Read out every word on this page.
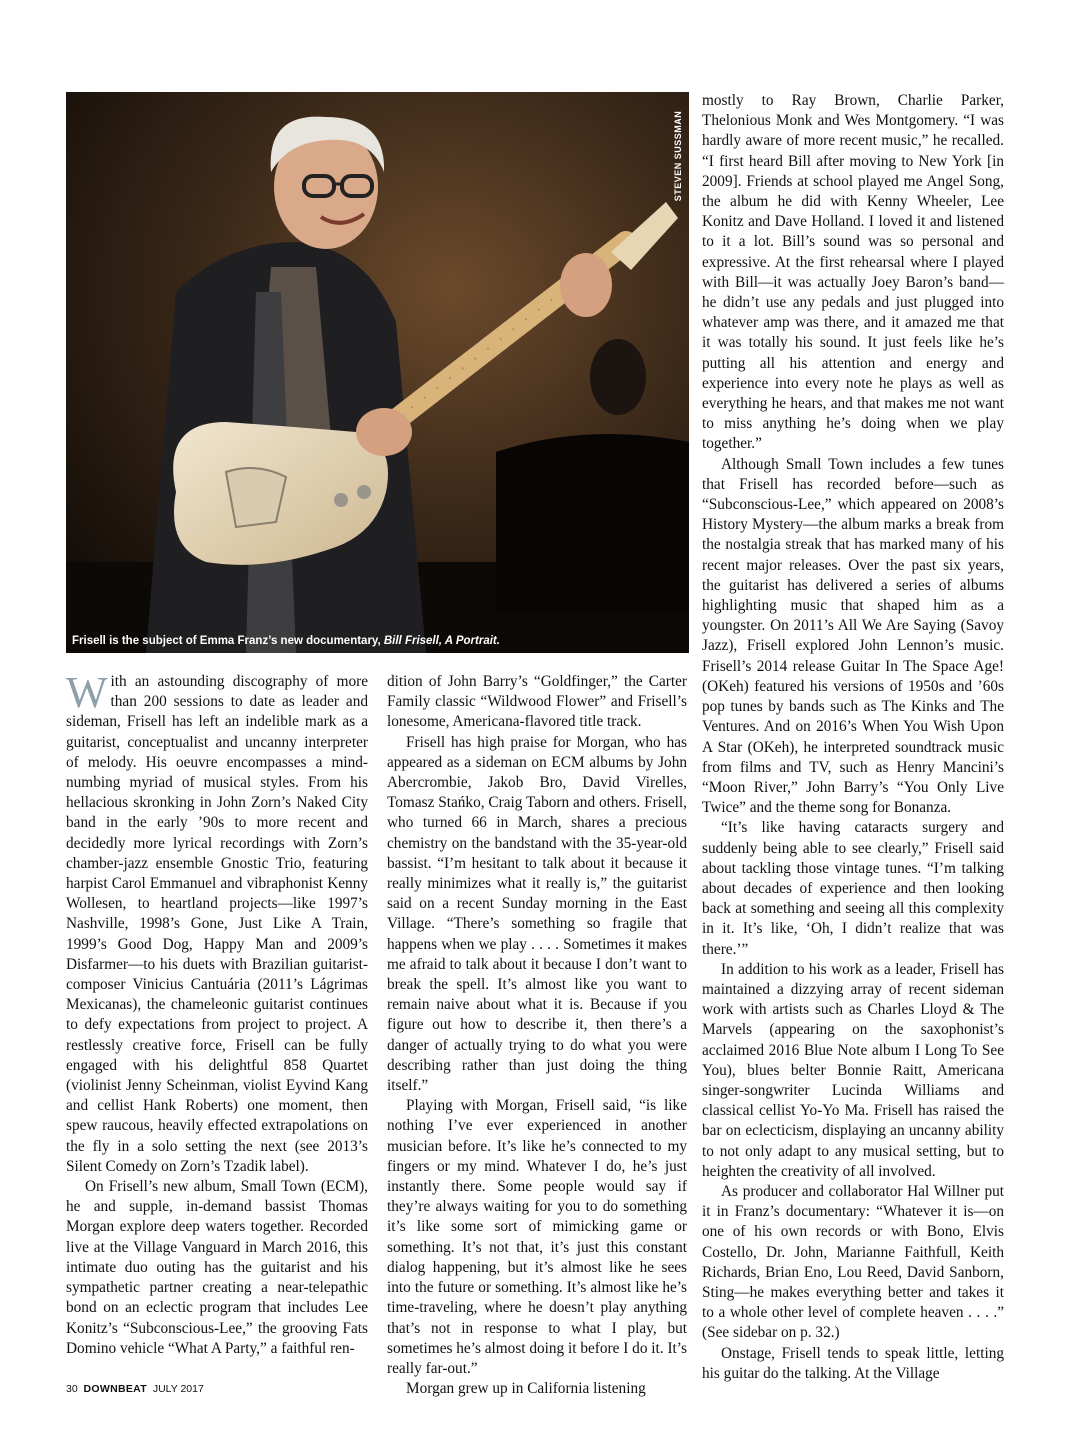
STEVEN SUSSMAN
Frisell is the subject of Emma Franz’s new documentary, Bill Frisell, A Portrait.

With an astounding discography of more than 200 sessions to date as leader and sideman, Frisell has left an indelible mark as a guitarist, conceptualist and uncanny interpreter of melody. His oeuvre encompasses a mind-numbing myriad of musical styles. From his hellacious skronking in John Zorn’s Naked City band in the early ’90s to more recent and decidedly more lyrical recordings with Zorn’s chamber-jazz ensemble Gnostic Trio, featuring harpist Carol Emmanuel and vibraphonist Kenny Wollesen, to heartland projects—like 1997’s Nashville, 1998’s Gone, Just Like A Train, 1999’s Good Dog, Happy Man and 2009’s Disfarmer—to his duets with Brazilian guitarist-composer Vinicius Cantuária (2011’s Lágrimas Mexicanas), the chameleonic guitarist continues to defy expectations from project to project. A restlessly creative force, Frisell can be fully engaged with his delightful 858 Quartet (violinist Jenny Scheinman, violist Eyvind Kang and cellist Hank Roberts) one moment, then spew raucous, heavily effected extrapolations on the fly in a solo setting the next (see 2013’s Silent Comedy on Zorn’s Tzadik label).

On Frisell’s new album, Small Town (ECM), he and supple, in-demand bassist Thomas Morgan explore deep waters together. Recorded live at the Village Vanguard in March 2016, this intimate duo outing has the guitarist and his sympathetic partner creating a near-telepathic bond on an eclectic program that includes Lee Konitz’s “Subconscious-Lee,” the grooving Fats Domino vehicle “What A Party,” a faithful ren-

dition of John Barry’s “Goldfinger,” the Carter Family classic “Wildwood Flower” and Frisell’s lonesome, Americana-flavored title track.

Frisell has high praise for Morgan, who has appeared as a sideman on ECM albums by John Abercrombie, Jakob Bro, David Virelles, Tomasz Stańko, Craig Taborn and others. Frisell, who turned 66 in March, shares a precious chemistry on the bandstand with the 35-year-old bassist. “I’m hesitant to talk about it because it really minimizes what it really is,” the guitarist said on a recent Sunday morning in the East Village. “There’s something so fragile that happens when we play . . . . Sometimes it makes me afraid to talk about it because I don’t want to break the spell. It’s almost like you want to remain naive about what it is. Because if you figure out how to describe it, then there’s a danger of actually trying to do what you were describing rather than just doing the thing itself.”

Playing with Morgan, Frisell said, “is like nothing I’ve ever experienced in another musician before. It’s like he’s connected to my fingers or my mind. Whatever I do, he’s just instantly there. Some people would say if they’re always waiting for you to do something it’s like some sort of mimicking game or something. It’s not that, it’s just this constant dialog happening, but it’s almost like he sees into the future or something. It’s almost like he’s time-traveling, where he doesn’t play anything that’s not in response to what I play, but sometimes he’s almost doing it before I do it. It’s really far-out.”

Morgan grew up in California listening

mostly to Ray Brown, Charlie Parker, Thelonious Monk and Wes Montgomery. “I was hardly aware of more recent music,” he recalled. “I first heard Bill after moving to New York [in 2009]. Friends at school played me Angel Song, the album he did with Kenny Wheeler, Lee Konitz and Dave Holland. I loved it and listened to it a lot. Bill’s sound was so personal and expressive. At the first rehearsal where I played with Bill—it was actually Joey Baron’s band—he didn’t use any pedals and just plugged into whatever amp was there, and it amazed me that it was totally his sound. It just feels like he’s putting all his attention and energy and experience into every note he plays as well as everything he hears, and that makes me not want to miss anything he’s doing when we play together.”

Although Small Town includes a few tunes that Frisell has recorded before—such as “Subconscious-Lee,” which appeared on 2008’s History Mystery—the album marks a break from the nostalgia streak that has marked many of his recent major releases. Over the past six years, the guitarist has delivered a series of albums highlighting music that shaped him as a youngster. On 2011’s All We Are Saying (Savoy Jazz), Frisell explored John Lennon’s music. Frisell’s 2014 release Guitar In The Space Age! (OKeh) featured his versions of 1950s and ’60s pop tunes by bands such as The Kinks and The Ventures. And on 2016’s When You Wish Upon A Star (OKeh), he interpreted soundtrack music from films and TV, such as Henry Mancini’s “Moon River,” John Barry’s “You Only Live Twice” and the theme song for Bonanza.

“It’s like having cataracts surgery and suddenly being able to see clearly,” Frisell said about tackling those vintage tunes. “I’m talking about decades of experience and then looking back at something and seeing all this complexity in it. It’s like, ‘Oh, I didn’t realize that was there.’”

In addition to his work as a leader, Frisell has maintained a dizzying array of recent sideman work with artists such as Charles Lloyd & The Marvels (appearing on the saxophonist’s acclaimed 2016 Blue Note album I Long To See You), blues belter Bonnie Raitt, Americana singer-songwriter Lucinda Williams and classical cellist Yo-Yo Ma. Frisell has raised the bar on eclecticism, displaying an uncanny ability to not only adapt to any musical setting, but to heighten the creativity of all involved.

As producer and collaborator Hal Willner put it in Franz’s documentary: “Whatever it is—on one of his own records or with Bono, Elvis Costello, Dr. John, Marianne Faithfull, Keith Richards, Brian Eno, Lou Reed, David Sanborn, Sting—he makes everything better and takes it to a whole other level of complete heaven . . . .” (See sidebar on p. 32.)

Onstage, Frisell tends to speak little, letting his guitar do the talking. At the Village

30 DOWNBEAT JULY 2017
